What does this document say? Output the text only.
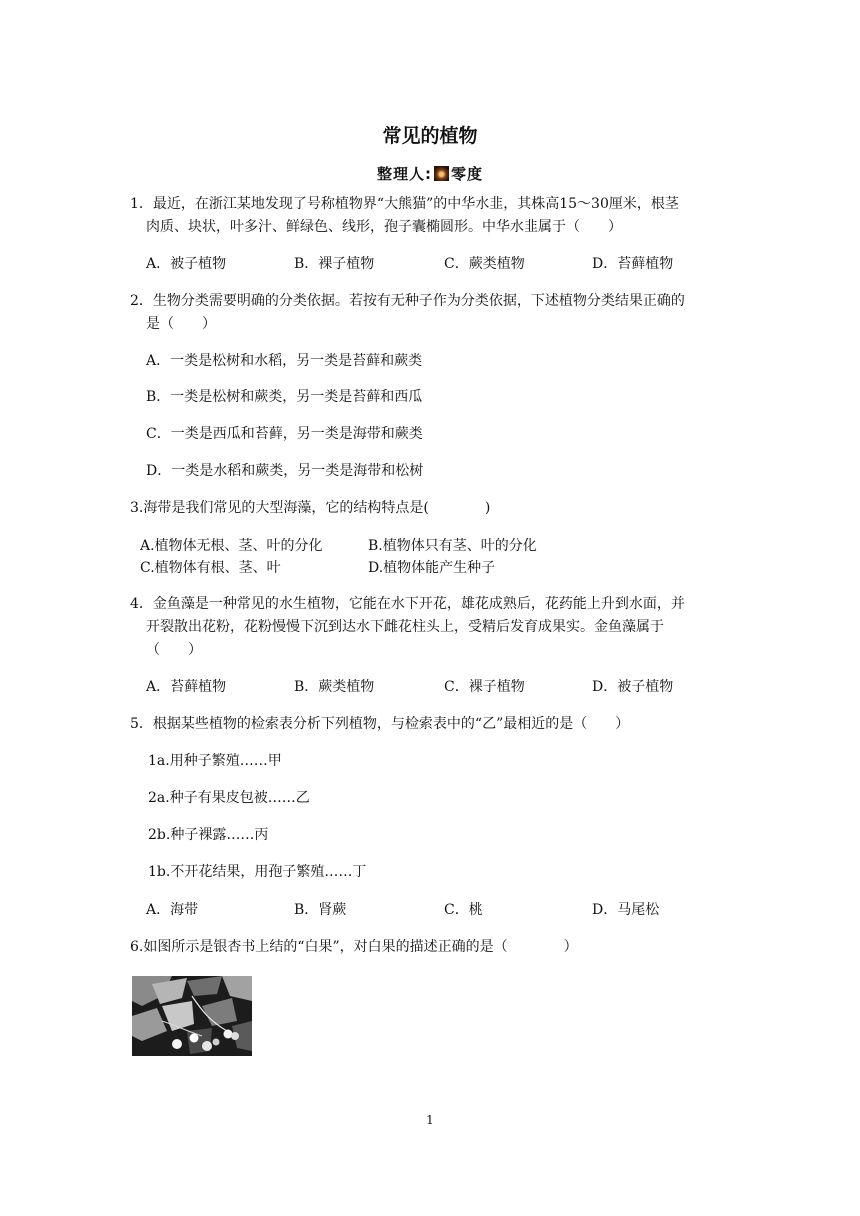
常见的植物
整理人: 零度
1．最近，在浙江某地发现了号称植物界“大熊猫”的中华水韭，其株高15～30厘米，根茎
肉质、块状，叶多汁、鲜绿色、线形，孢子囊椭圆形。中华水韭属于（　　）
A．被子植物	B．裸子植物	C．蕨类植物	D．苔藓植物
2．生物分类需要明确的分类依据。若按有无种子作为分类依据，下述植物分类结果正确的
是（　　）
A．一类是松树和水稻，另一类是苔藓和蕨类
B．一类是松树和蕨类，另一类是苔藓和西瓜
C．一类是西瓜和苔藓，另一类是海带和蕨类
D．一类是水稻和蕨类，另一类是海带和松树
3.海带是我们常见的大型海藻，它的结构特点是(　　　　)
A.植物体无根、茎、叶的分化	B.植物体只有茎、叶的分化
C.植物体有根、茎、叶	D.植物体能产生种子
4．金鱼藻是一种常见的水生植物，它能在水下开花，雄花成熟后，花药能上升到水面，并
开裂散出花粉，花粉慢慢下沉到达水下雌花柱头上，受精后发育成果实。金鱼藻属于
（　　）
A．苔藓植物	B．蕨类植物	C．裸子植物	D．被子植物
5．根据某些植物的检索表分析下列植物，与检索表中的“乙”最相近的是（　　）
1a.用种子繁殖……甲
2a.种子有果皮包被……乙
2b.种子裸露……丙
1b.不开花结果，用孢子繁殖……丁
A．海带	B．肾蕨	C．桃	D．马尾松
6.如图所示是银杏书上结的“白果”，对白果的描述正确的是（　　　　）
1
